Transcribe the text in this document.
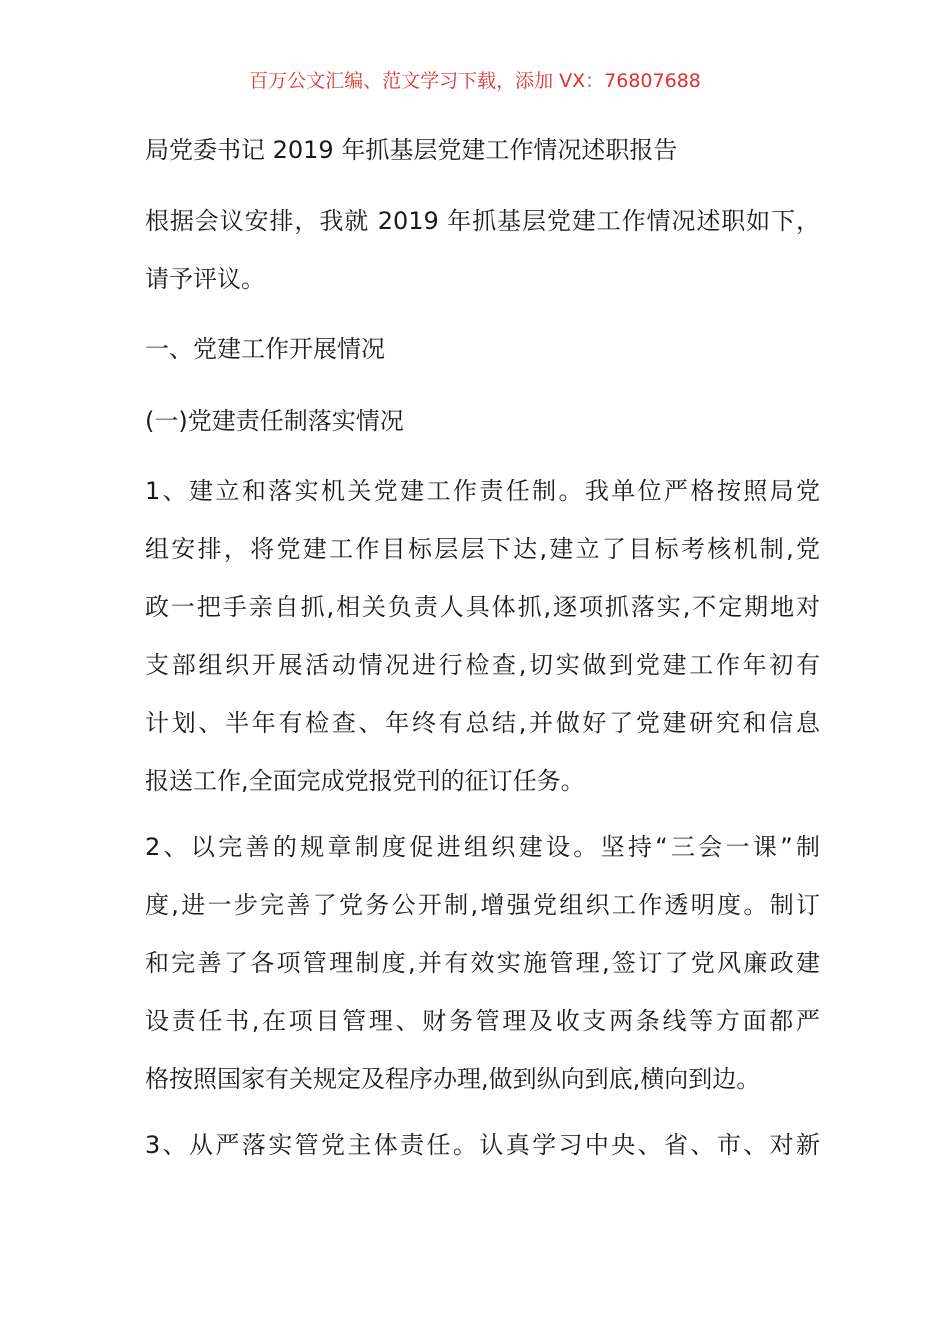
百万公文汇编、范文学习下载，添加 VX：76807688
局党委书记 2019 年抓基层党建工作情况述职报告
根据会议安排，我就 2019 年抓基层党建工作情况述职如下，
请予评议。
一、党建工作开展情况
(一)党建责任制落实情况
1、建立和落实机关党建工作责任制。我单位严格按照局党
组安排，将党建工作目标层层下达,建立了目标考核机制,党
政一把手亲自抓,相关负责人具体抓,逐项抓落实,不定期地对
支部组织开展活动情况进行检查,切实做到党建工作年初有
计划、半年有检查、年终有总结,并做好了党建研究和信息
报送工作,全面完成党报党刊的征订任务。
2、以完善的规章制度促进组织建设。坚持“三会一课”制
度,进一步完善了党务公开制,增强党组织工作透明度。制订
和完善了各项管理制度,并有效实施管理,签订了党风廉政建
设责任书,在项目管理、财务管理及收支两条线等方面都严
格按照国家有关规定及程序办理,做到纵向到底,横向到边。
3、从严落实管党主体责任。认真学习中央、省、市、对新
